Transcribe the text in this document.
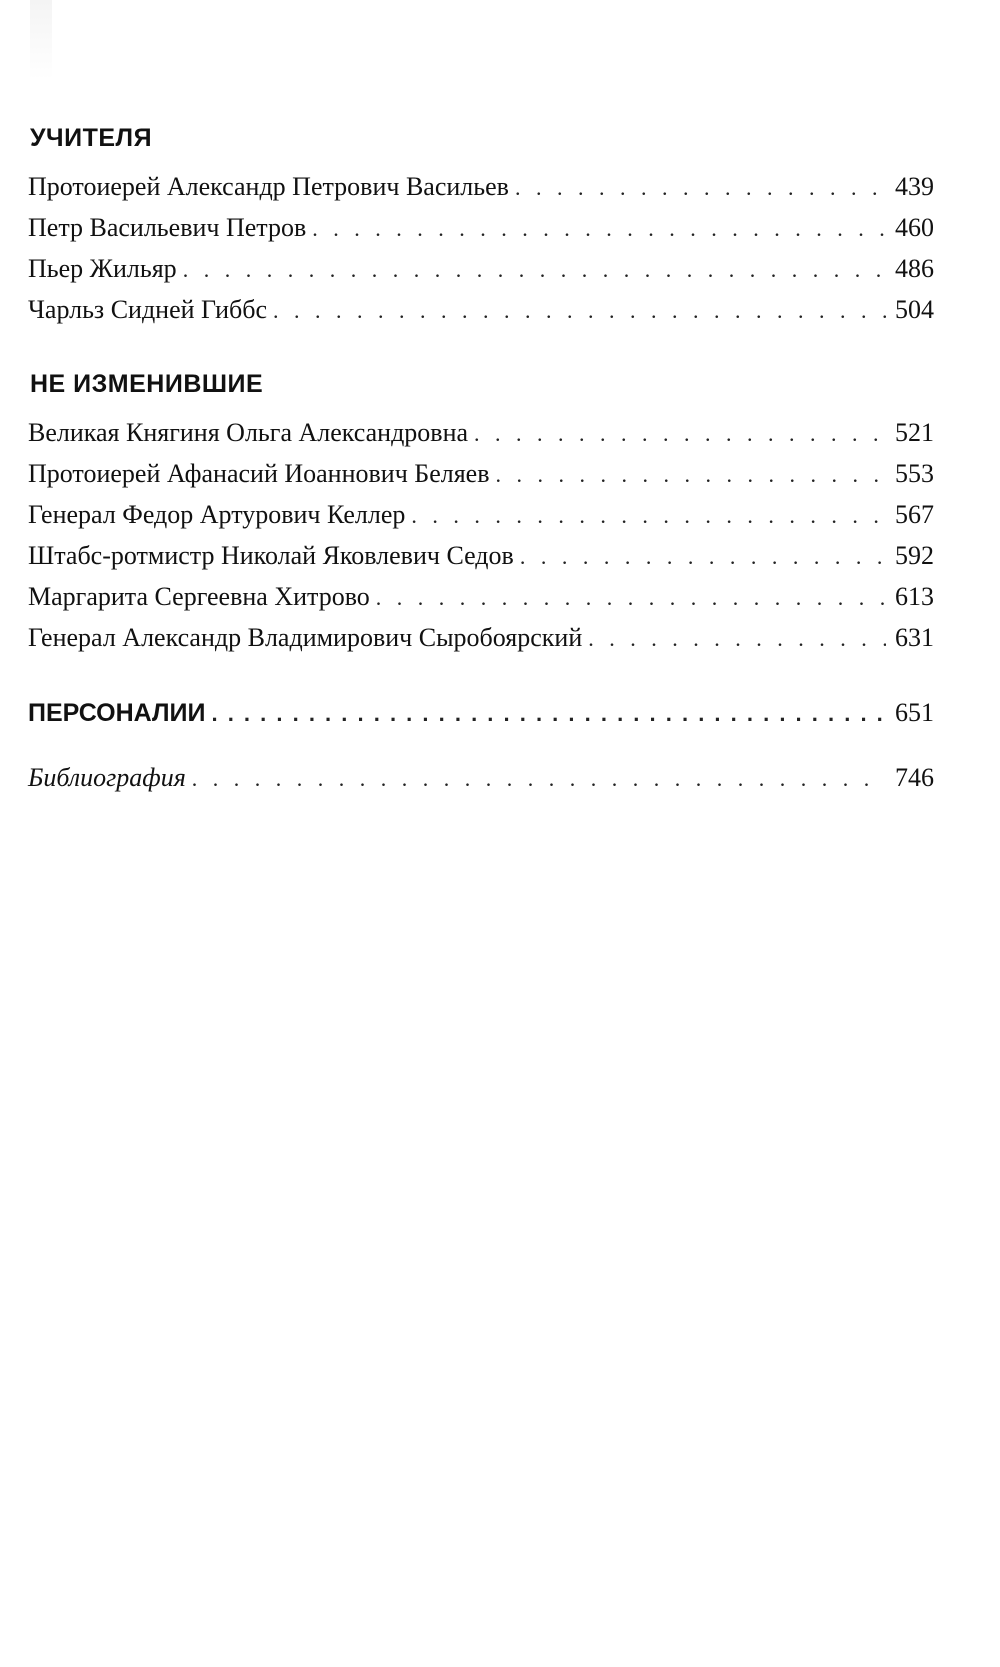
УЧИТЕЛЯ
Протоиерей Александр Петрович Васильев . . .	439
Петр Васильевич Петров . . .	460
Пьер Жильяр . . .	486
Чарльз Сидней Гиббс . . .	504
НЕ ИЗМЕНИВШИЕ
Великая Княгиня Ольга Александровна . . .	521
Протоиерей Афанасий Иоаннович Беляев . . .	553
Генерал Федор Артурович Келлер . . .	567
Штабс-ротмистр Николай Яковлевич Седов . . .	592
Маргарита Сергеевна Хитрово . . .	613
Генерал Александр Владимирович Сыробоярский . . .	631
ПЕРСОНАЛИИ . . .	651
Библиография . . .	746
